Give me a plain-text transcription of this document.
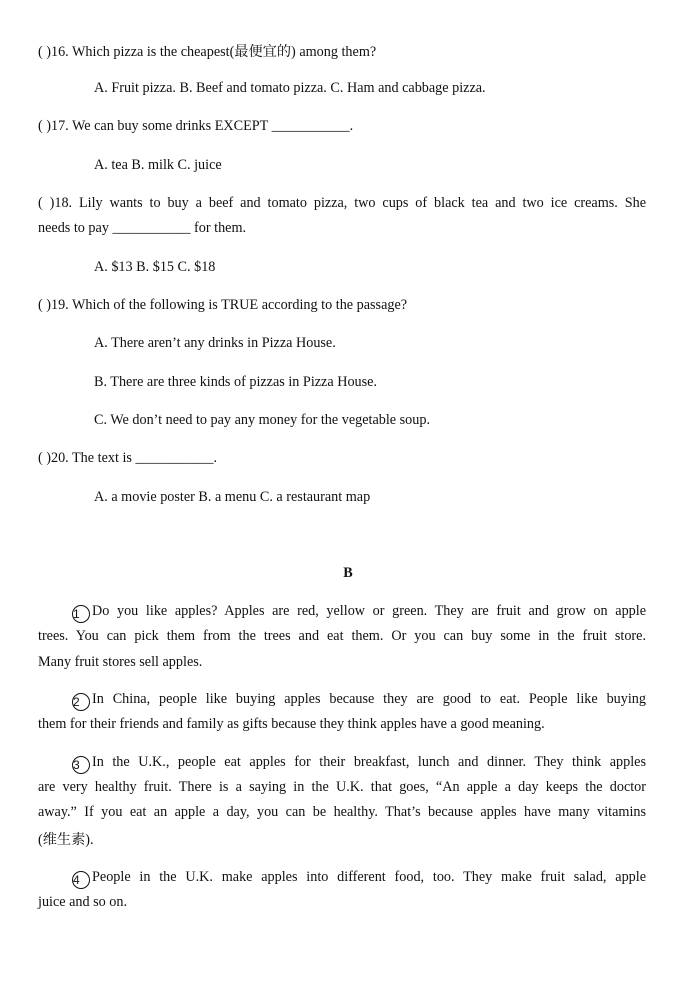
( )16. Which pizza is the cheapest(最便宜的) among them?
A. Fruit pizza. B. Beef and tomato pizza. C. Ham and cabbage pizza.
( )17. We can buy some drinks EXCEPT ___________.
A. tea B. milk C. juice
( )18. Lily wants to buy a beef and tomato pizza, two cups of black tea and two ice creams. She
needs to pay ___________ for them.
A. $13 B. $15 C. $18
( )19. Which of the following is TRUE according to the passage?
A. There aren’t any drinks in Pizza House.
B. There are three kinds of pizzas in Pizza House.
C. We don’t need to pay any money for the vegetable soup.
( )20. The text is ___________.
A. a movie poster B. a menu C. a restaurant map
B
1 Do you like apples? Apples are red, yellow or green. They are fruit and grow on apple
trees. You can pick them from the trees and eat them. Or you can buy some in the fruit store.
Many fruit stores sell apples.
2 In China, people like buying apples because they are good to eat. People like buying
them for their friends and family as gifts because they think apples have a good meaning.
3 In the U.K., people eat apples for their breakfast, lunch and dinner. They think apples
are very healthy fruit. There is a saying in the U.K. that goes, “An apple a day keeps the doctor
away.” If you eat an apple a day, you can be healthy. That’s because apples have many vitamins
(维生素).
4 People in the U.K. make apples into different food, too. They make fruit salad, apple
juice and so on.
